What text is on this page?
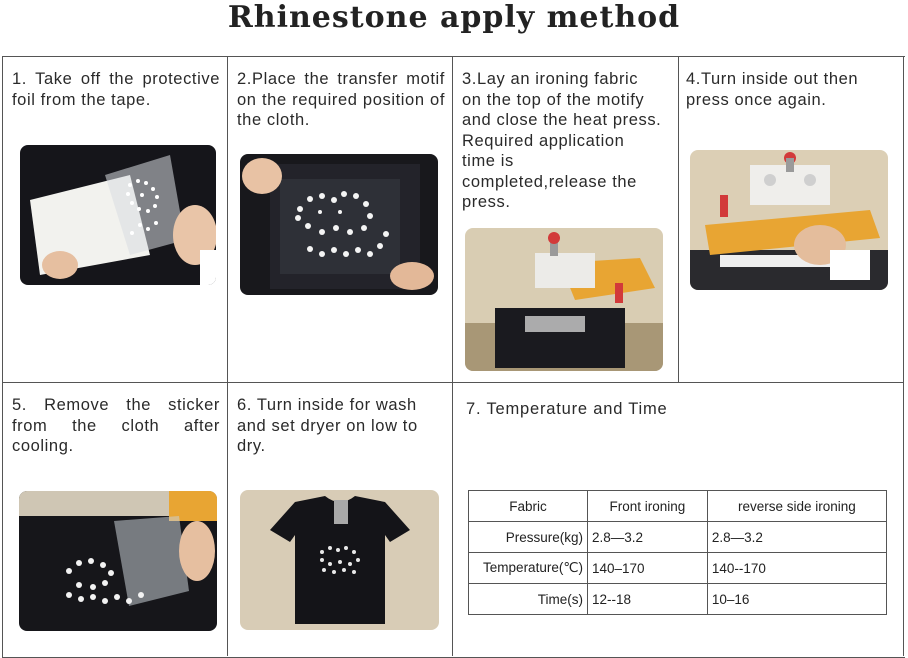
Rhinestone apply method
1. Take off the protective foil from the tape.
2.Place the transfer motif on the required position of the cloth.
3.Lay an ironing fabric on the top of the motify and close the heat press. Required application time is completed,release the press.
4.Turn inside out then press once again.
5. Remove the sticker from the cloth after cooling.
6. Turn inside for wash and set dryer on low to dry.
7. Temperature and Time
Fabric	Front ironing	reverse side ironing
Pressure(kg)	2.8—3.2	2.8—3.2
Temperature(℃)	140–170	140--170
Time(s)	12--18	10–16
